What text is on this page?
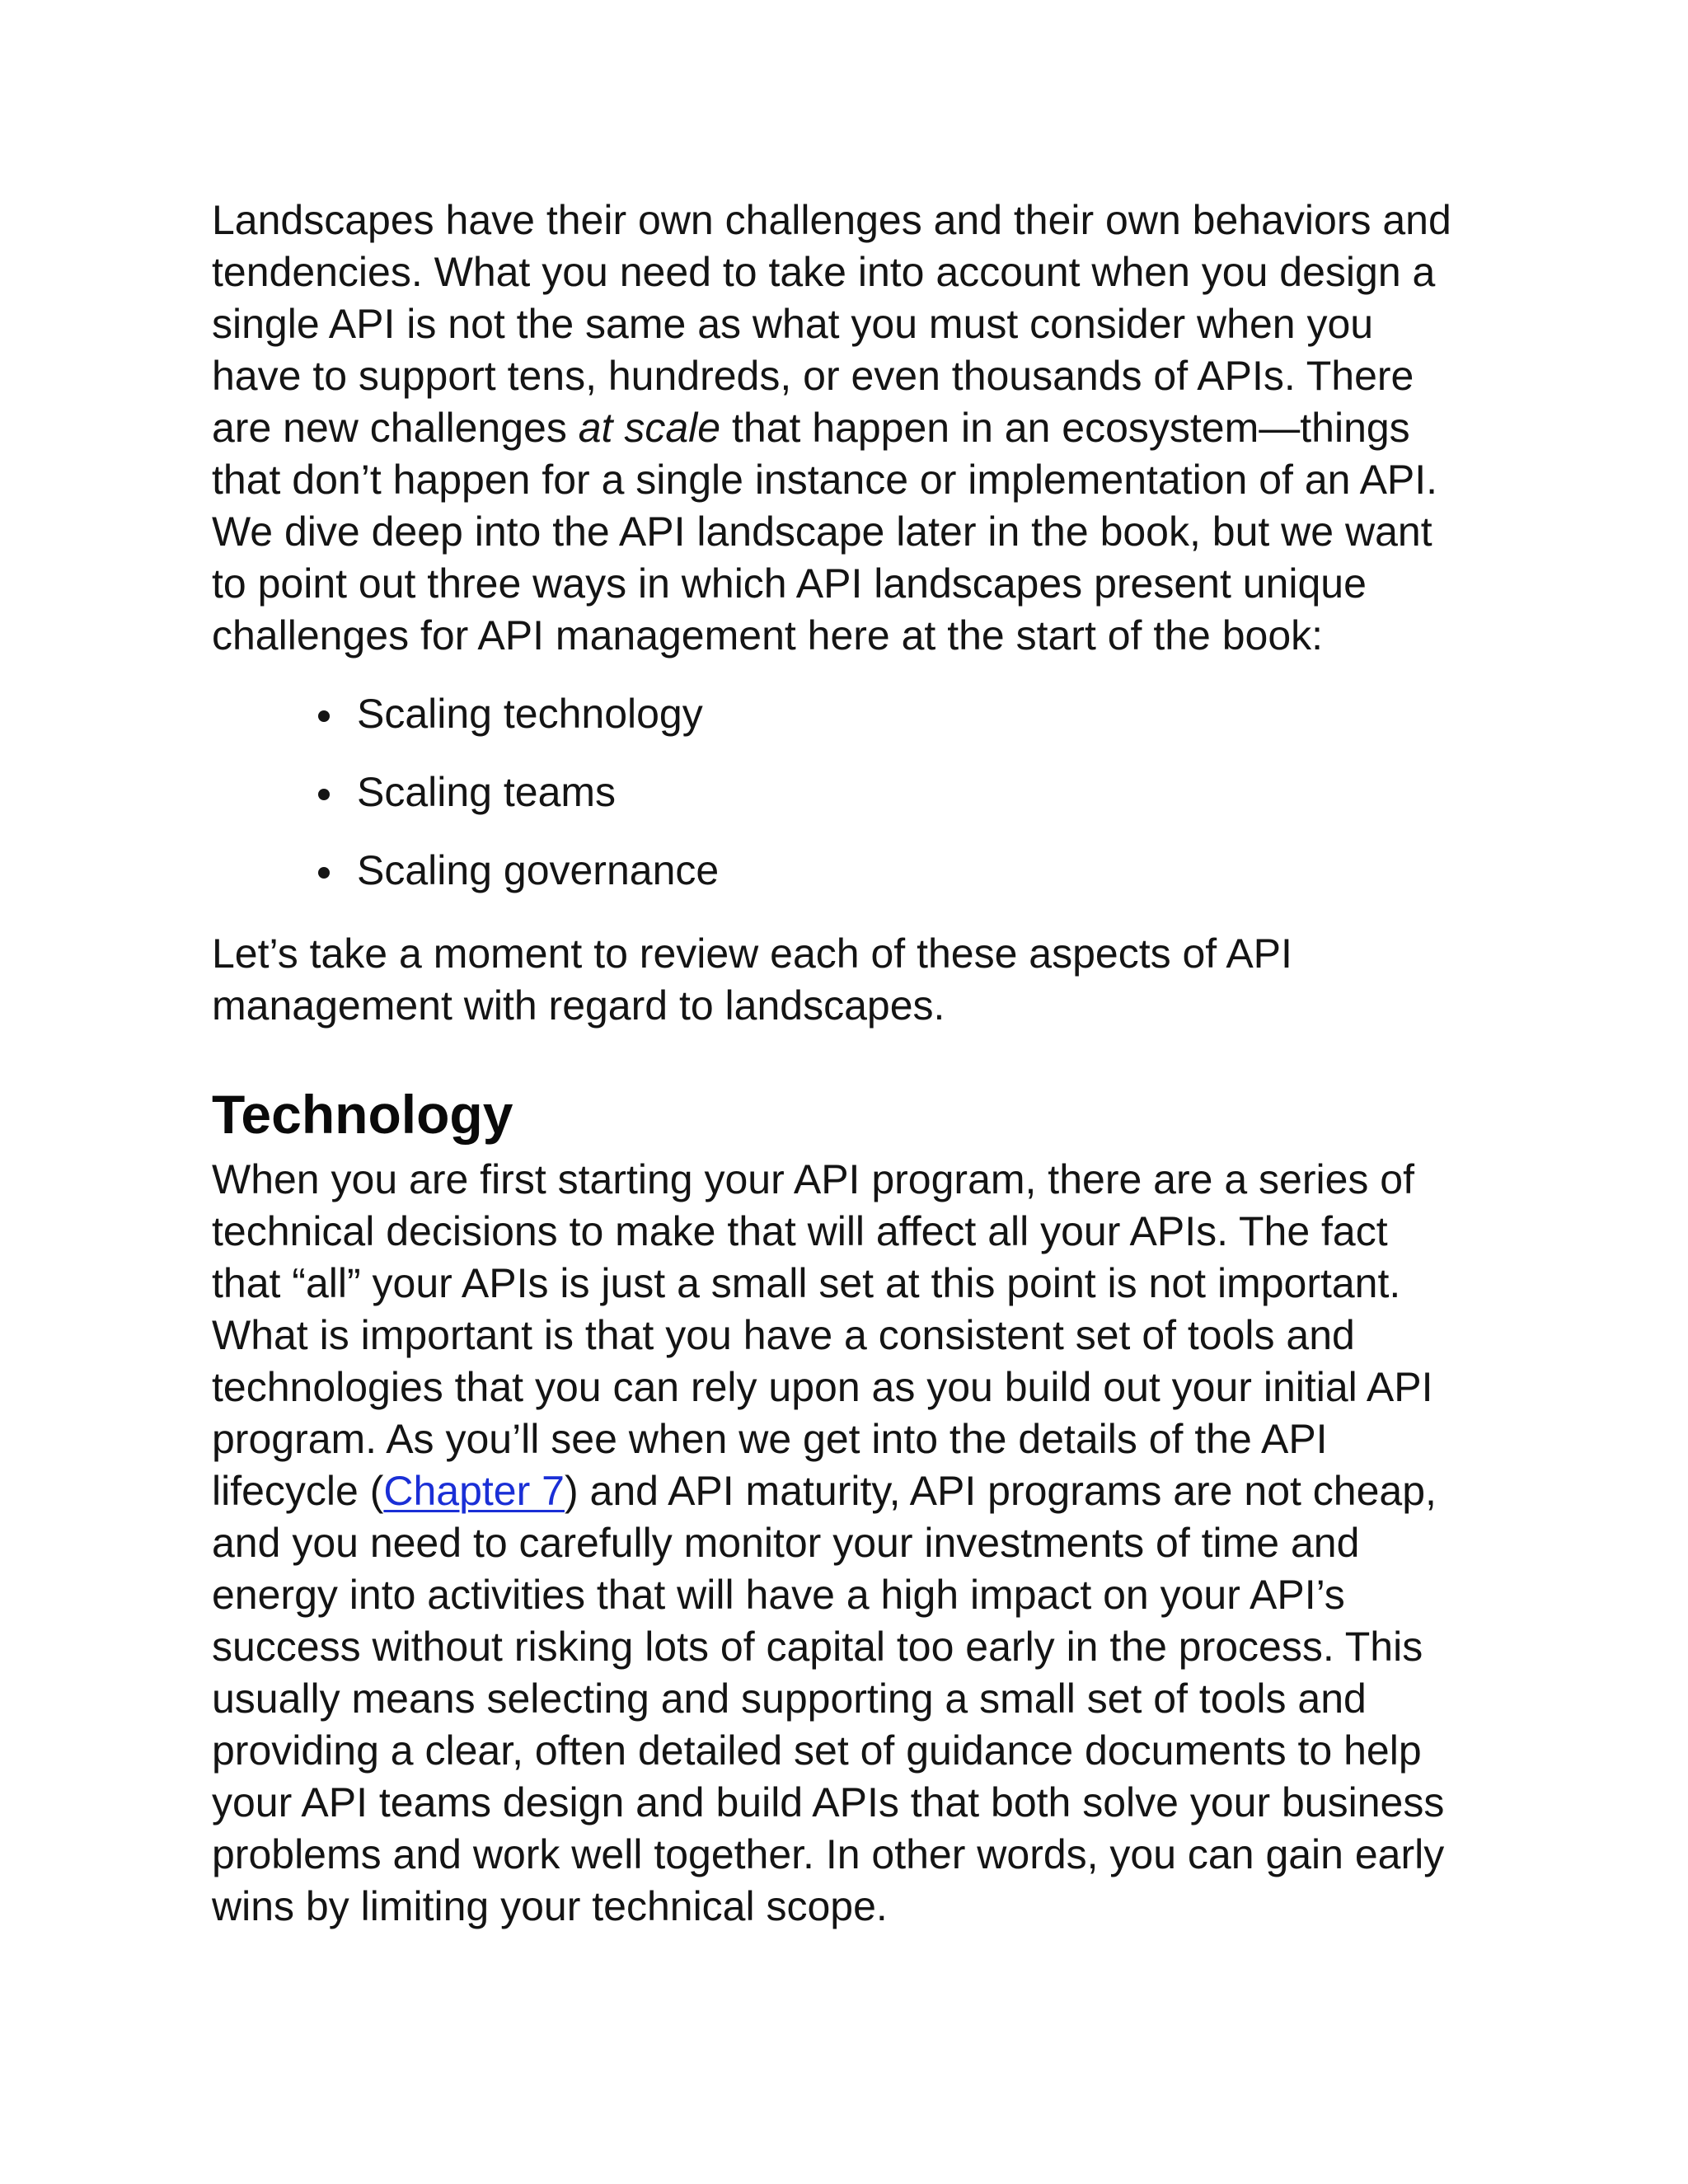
Landscapes have their own challenges and their own behaviors and
tendencies. What you need to take into account when you design a
single API is not the same as what you must consider when you
have to support tens, hundreds, or even thousands of APIs. There
are new challenges at scale that happen in an ecosystem—things
that don’t happen for a single instance or implementation of an API.
We dive deep into the API landscape later in the book, but we want
to point out three ways in which API landscapes present unique
challenges for API management here at the start of the book:

Scaling technology
Scaling teams
Scaling governance

Let’s take a moment to review each of these aspects of API
management with regard to landscapes.

Technology

When you are first starting your API program, there are a series of
technical decisions to make that will affect all your APIs. The fact
that “all” your APIs is just a small set at this point is not important.
What is important is that you have a consistent set of tools and
technologies that you can rely upon as you build out your initial API
program. As you’ll see when we get into the details of the API
lifecycle (Chapter 7) and API maturity, API programs are not cheap,
and you need to carefully monitor your investments of time and
energy into activities that will have a high impact on your API’s
success without risking lots of capital too early in the process. This
usually means selecting and supporting a small set of tools and
providing a clear, often detailed set of guidance documents to help
your API teams design and build APIs that both solve your business
problems and work well together. In other words, you can gain early
wins by limiting your technical scope.
